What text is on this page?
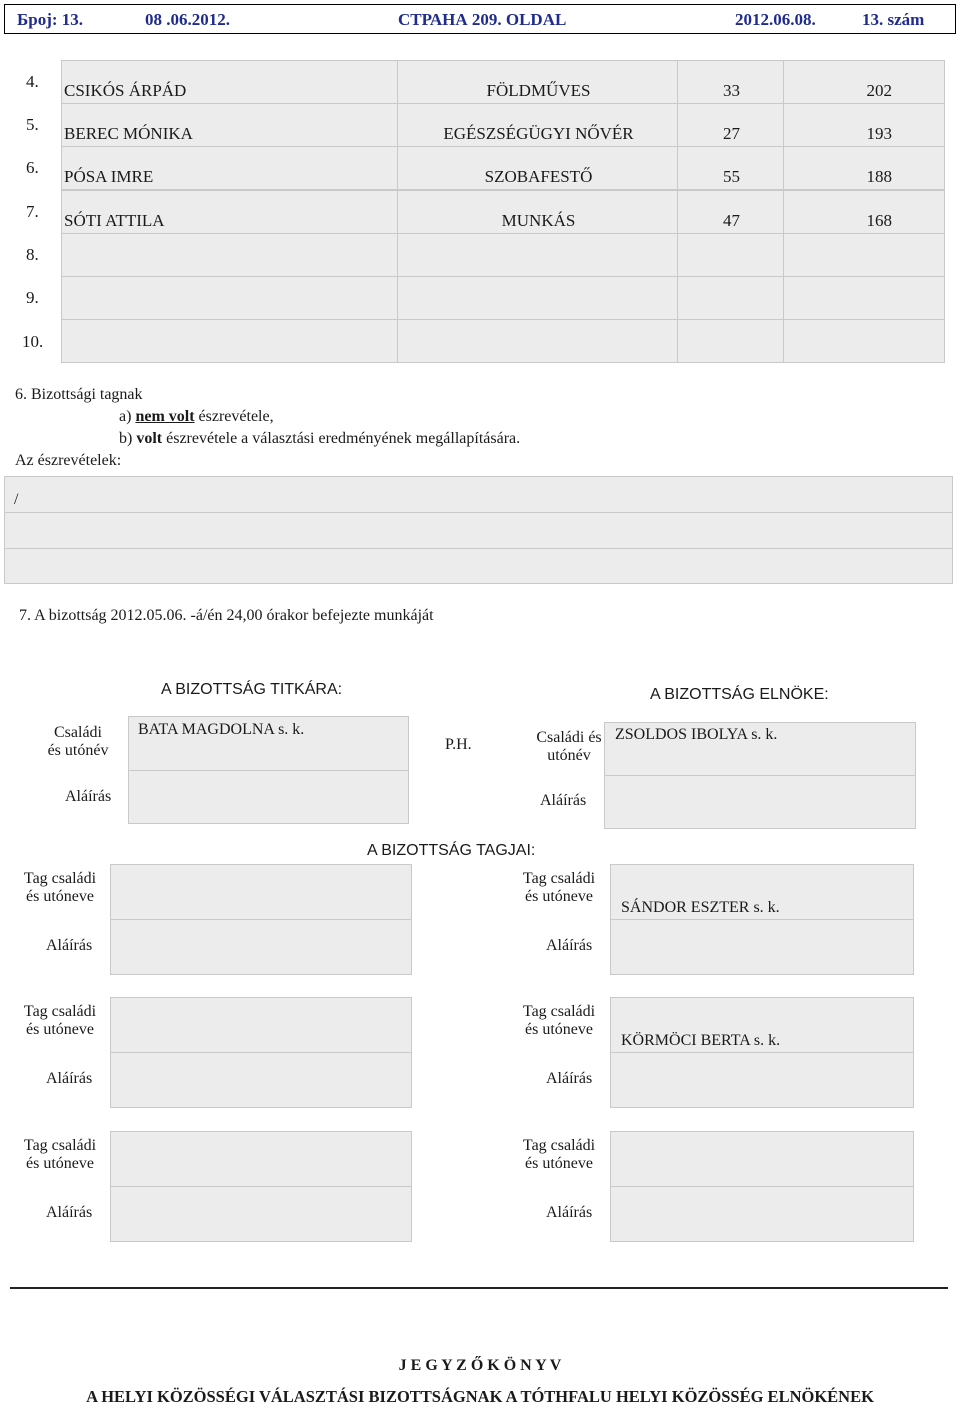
Број: 13.	08 .06.2012.	СТРАНА 209. OLDAL	2012.06.08.	13. szám
4. CSIKÓS ÁRPÁD	FÖLDMŰVES	33	202
5. BEREC MÓNIKA	EGÉSZSÉGÜGYI NŐVÉR	27	193
6. PÓSA IMRE	SZOBAFESTŐ	55	188
7. SÓTI ATTILA	MUNKÁS	47	168
8.
9.
10.
6. Bizottsági tagnak
a) nem volt észrevétele,
b) volt észrevétele a választási eredményének megállapítására.
Az észrevételek:
/
7. A bizottság 2012.05.06. -á/én 24,00 órakor befejezte munkáját
A BIZOTTSÁG TITKÁRA:	A BIZOTTSÁG ELNÖKE:
Családi
és utónév
BATA MAGDOLNA s. k.
Aláírás
P.H.	Családi és
utónév
ZSOLDOS IBOLYA s. k.
Aláírás
A BIZOTTSÁG TAGJAI:
Tag családi
és utóneve
Aláírás
Tag családi
és utóneve
SÁNDOR ESZTER s. k.
Aláírás
Tag családi
és utóneve
Aláírás
Tag családi
és utóneve
KÖRMÖCI BERTA s. k.
Aláírás
Tag családi
és utóneve
Aláírás
Tag családi
és utóneve
Aláírás
J E G Y Z Ő K Ö N Y V
A HELYI KÖZÖSSÉGI VÁLASZTÁSI BIZOTTSÁGNAK A TÓTHFALU HELYI KÖZÖSSÉG ELNÖKÉNEK
